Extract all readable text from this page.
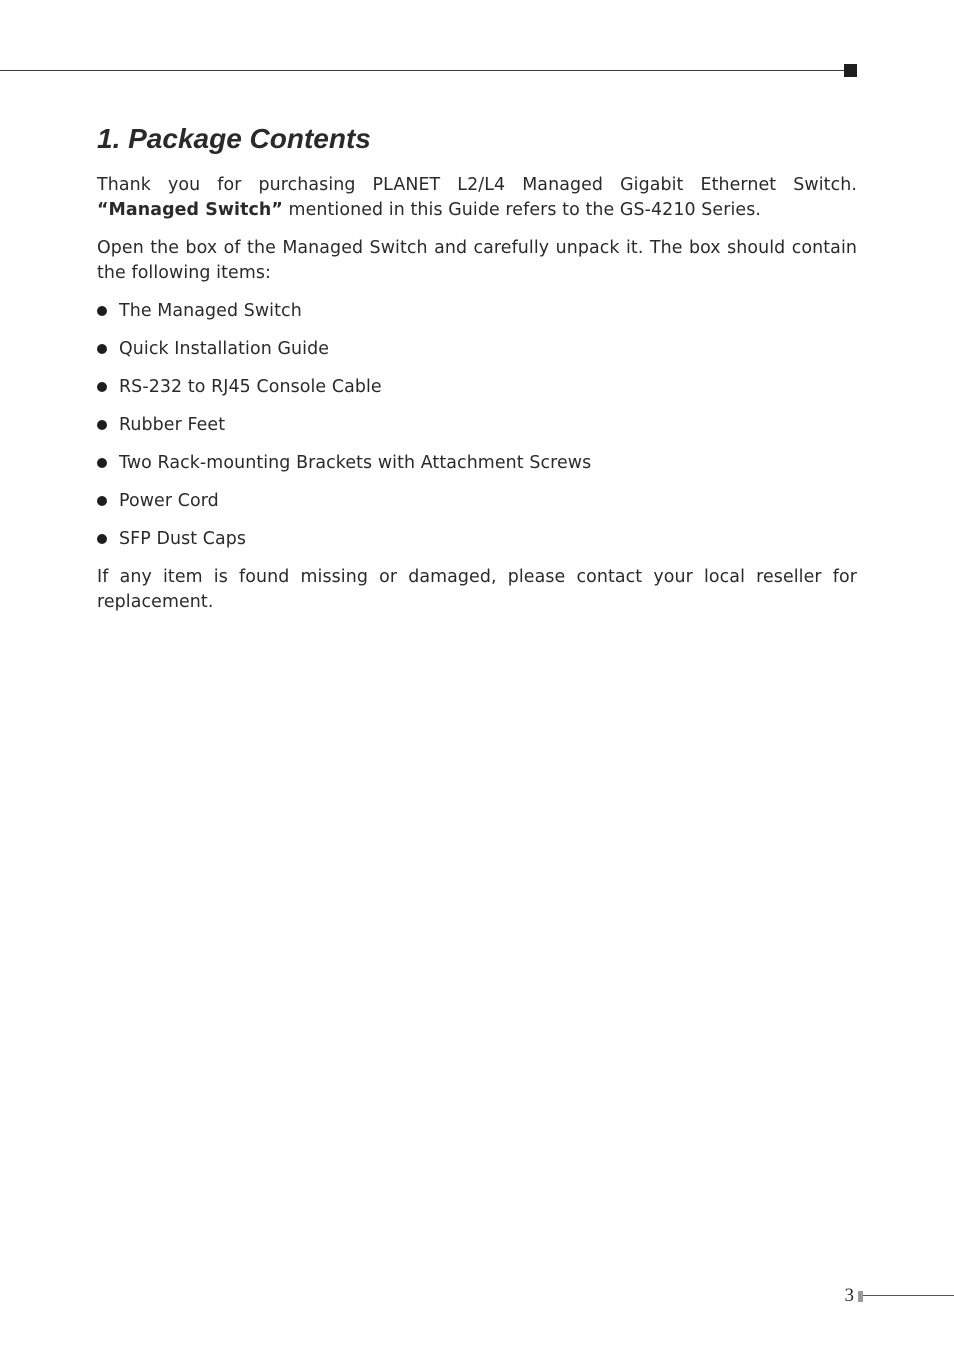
1. Package Contents

Thank you for purchasing PLANET L2/L4 Managed Gigabit Ethernet Switch. “Managed Switch” mentioned in this Guide refers to the GS-4210 Series.

Open the box of the Managed Switch and carefully unpack it. The box should contain the following items:

The Managed Switch
Quick Installation Guide
RS-232 to RJ45 Console Cable
Rubber Feet
Two Rack-mounting Brackets with Attachment Screws
Power Cord
SFP Dust Caps

If any item is found missing or damaged, please contact your local reseller for replacement.

3
